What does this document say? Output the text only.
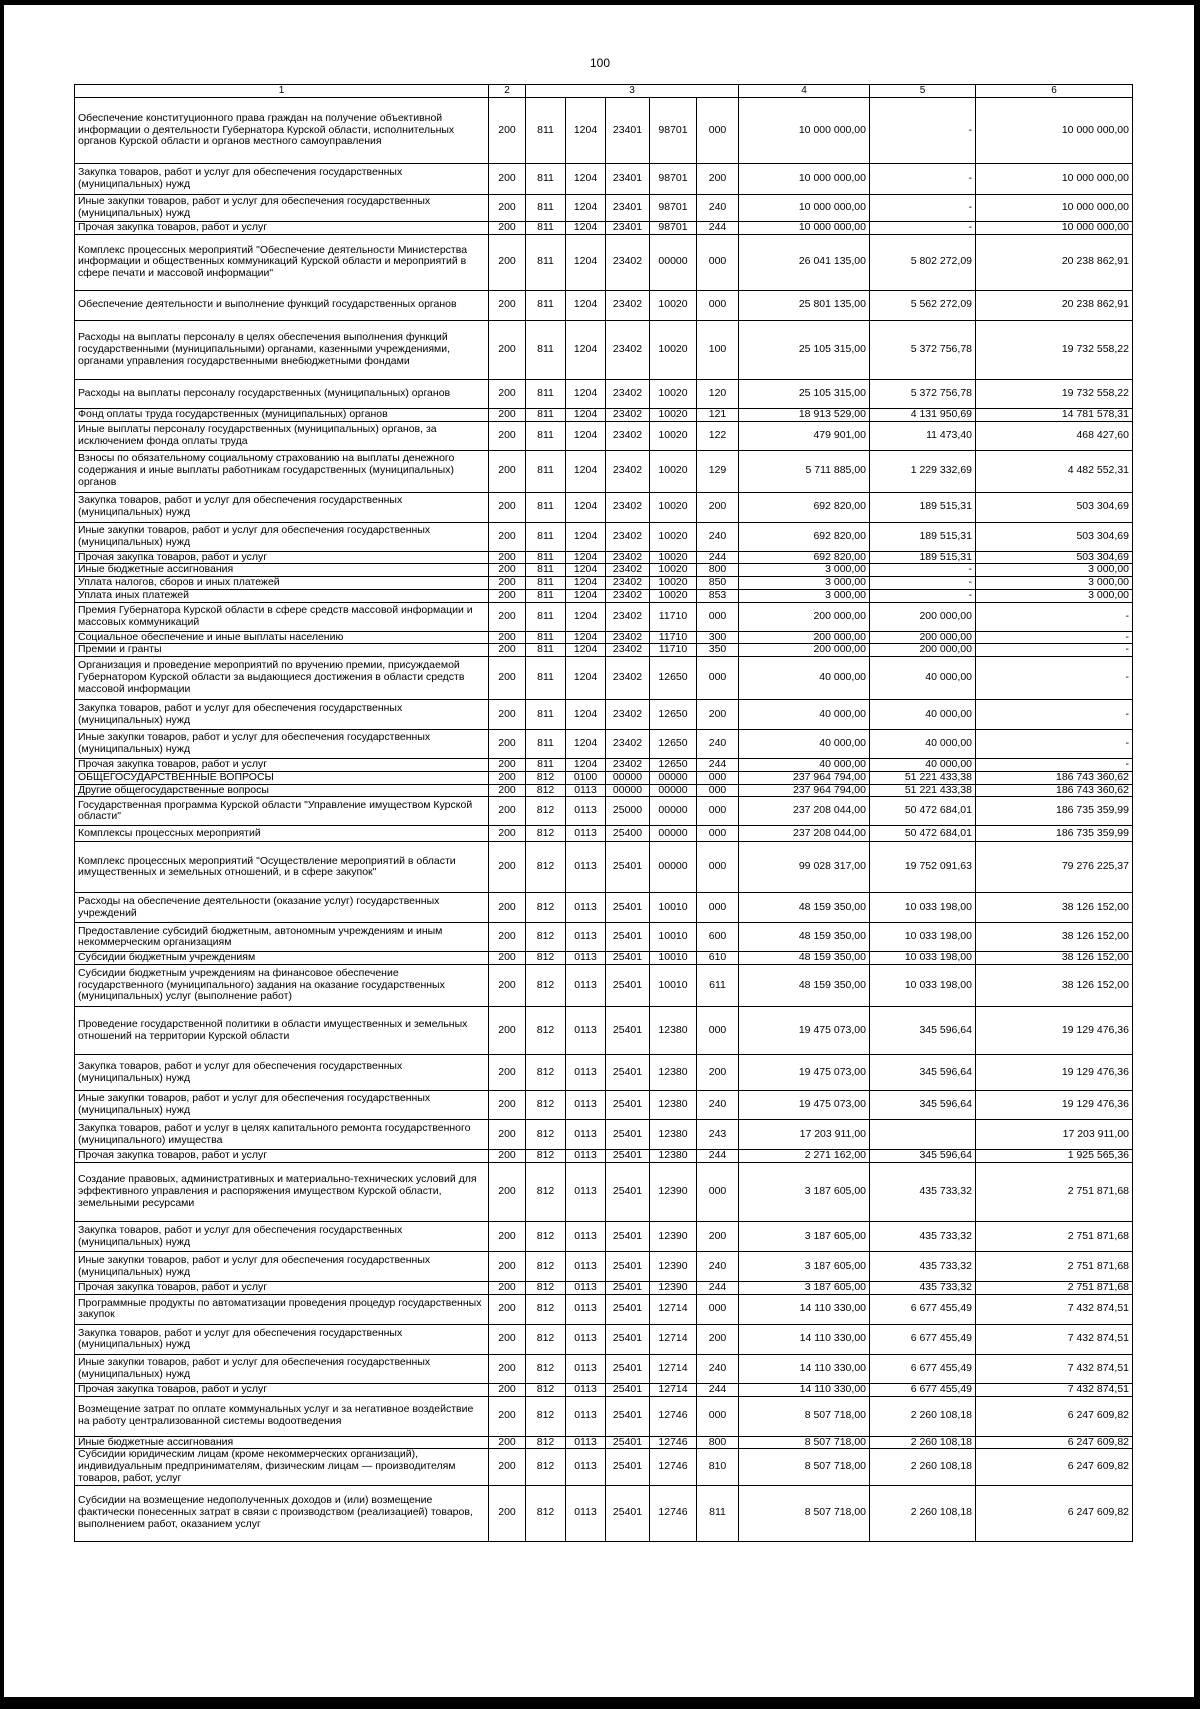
100
1	2	3					4	5	6
Обеспечение конституционного права граждан на получение объективной информации о деятельности Губернатора Курской области, исполнительных органов Курской области и органов местного самоуправления	200	811	1204	23401	98701	000	10 000 000,00	-	10 000 000,00
Закупка товаров, работ и услуг для обеспечения государственных (муниципальных) нужд	200	811	1204	23401	98701	200	10 000 000,00	-	10 000 000,00
Иные закупки товаров, работ и услуг для обеспечения государственных (муниципальных) нужд	200	811	1204	23401	98701	240	10 000 000,00	-	10 000 000,00
Прочая закупка товаров, работ и услуг	200	811	1204	23401	98701	244	10 000 000,00	-	10 000 000,00
Комплекс процессных мероприятий "Обеспечение деятельности Министерства информации и общественных коммуникаций Курской области и мероприятий в сфере печати и массовой информации"	200	811	1204	23402	00000	000	26 041 135,00	5 802 272,09	20 238 862,91
Обеспечение деятельности и выполнение функций государственных органов	200	811	1204	23402	10020	000	25 801 135,00	5 562 272,09	20 238 862,91
Расходы на выплаты персоналу в целях обеспечения выполнения функций государственными (муниципальными) органами, казенными учреждениями, органами управления государственными внебюджетными фондами	200	811	1204	23402	10020	100	25 105 315,00	5 372 756,78	19 732 558,22
Расходы на выплаты персоналу государственных (муниципальных) органов	200	811	1204	23402	10020	120	25 105 315,00	5 372 756,78	19 732 558,22
Фонд оплаты труда государственных (муниципальных) органов	200	811	1204	23402	10020	121	18 913 529,00	4 131 950,69	14 781 578,31
Иные выплаты персоналу государственных (муниципальных) органов, за исключением фонда оплаты труда	200	811	1204	23402	10020	122	479 901,00	11 473,40	468 427,60
Взносы по обязательному социальному страхованию на выплаты денежного содержания и иные выплаты работникам государственных (муниципальных) органов	200	811	1204	23402	10020	129	5 711 885,00	1 229 332,69	4 482 552,31
Закупка товаров, работ и услуг для обеспечения государственных (муниципальных) нужд	200	811	1204	23402	10020	200	692 820,00	189 515,31	503 304,69
Иные закупки товаров, работ и услуг для обеспечения государственных (муниципальных) нужд	200	811	1204	23402	10020	240	692 820,00	189 515,31	503 304,69
Прочая закупка товаров, работ и услуг	200	811	1204	23402	10020	244	692 820,00	189 515,31	503 304,69
Иные бюджетные ассигнования	200	811	1204	23402	10020	800	3 000,00	-	3 000,00
Уплата налогов, сборов и иных платежей	200	811	1204	23402	10020	850	3 000,00	-	3 000,00
Уплата иных платежей	200	811	1204	23402	10020	853	3 000,00	-	3 000,00
Премия Губернатора Курской области в сфере средств массовой информации и массовых коммуникаций	200	811	1204	23402	11710	000	200 000,00	200 000,00	-
Социальное обеспечение и иные выплаты населению	200	811	1204	23402	11710	300	200 000,00	200 000,00	-
Премии и гранты	200	811	1204	23402	11710	350	200 000,00	200 000,00	-
Организация и проведение мероприятий по вручению премии, присуждаемой Губернатором Курской области за выдающиеся достижения в области средств массовой информации	200	811	1204	23402	12650	000	40 000,00	40 000,00	-
Закупка товаров, работ и услуг для обеспечения государственных (муниципальных) нужд	200	811	1204	23402	12650	200	40 000,00	40 000,00	-
Иные закупки товаров, работ и услуг для обеспечения государственных (муниципальных) нужд	200	811	1204	23402	12650	240	40 000,00	40 000,00	-
Прочая закупка товаров, работ и услуг	200	811	1204	23402	12650	244	40 000,00	40 000,00	-
ОБЩЕГОСУДАРСТВЕННЫЕ ВОПРОСЫ	200	812	0100	00000	00000	000	237 964 794,00	51 221 433,38	186 743 360,62
Другие общегосударственные вопросы	200	812	0113	00000	00000	000	237 964 794,00	51 221 433,38	186 743 360,62
Государственная программа Курской области "Управление имуществом Курской области"	200	812	0113	25000	00000	000	237 208 044,00	50 472 684,01	186 735 359,99
Комплексы процессных мероприятий	200	812	0113	25400	00000	000	237 208 044,00	50 472 684,01	186 735 359,99
Комплекс процессных мероприятий "Осуществление мероприятий в области имущественных и земельных отношений, и в сфере закупок"	200	812	0113	25401	00000	000	99 028 317,00	19 752 091,63	79 276 225,37
Расходы на обеспечение деятельности (оказание услуг) государственных учреждений	200	812	0113	25401	10010	000	48 159 350,00	10 033 198,00	38 126 152,00
Предоставление субсидий бюджетным, автономным учреждениям и иным некоммерческим организациям	200	812	0113	25401	10010	600	48 159 350,00	10 033 198,00	38 126 152,00
Субсидии бюджетным учреждениям	200	812	0113	25401	10010	610	48 159 350,00	10 033 198,00	38 126 152,00
Субсидии бюджетным учреждениям на финансовое обеспечение государственного (муниципального) задания на оказание государственных (муниципальных) услуг (выполнение работ)	200	812	0113	25401	10010	611	48 159 350,00	10 033 198,00	38 126 152,00
Проведение государственной политики в области имущественных и земельных отношений на территории Курской области	200	812	0113	25401	12380	000	19 475 073,00	345 596,64	19 129 476,36
Закупка товаров, работ и услуг для обеспечения государственных (муниципальных) нужд	200	812	0113	25401	12380	200	19 475 073,00	345 596,64	19 129 476,36
Иные закупки товаров, работ и услуг для обеспечения государственных (муниципальных) нужд	200	812	0113	25401	12380	240	19 475 073,00	345 596,64	19 129 476,36
Закупка товаров, работ и услуг в целях капитального ремонта государственного (муниципального) имущества	200	812	0113	25401	12380	243	17 203 911,00		17 203 911,00
Прочая закупка товаров, работ и услуг	200	812	0113	25401	12380	244	2 271 162,00	345 596,64	1 925 565,36
Создание правовых, административных и материально-технических условий для эффективного управления и распоряжения имуществом Курской области, земельными ресурсами	200	812	0113	25401	12390	000	3 187 605,00	435 733,32	2 751 871,68
Закупка товаров, работ и услуг для обеспечения государственных (муниципальных) нужд	200	812	0113	25401	12390	200	3 187 605,00	435 733,32	2 751 871,68
Иные закупки товаров, работ и услуг для обеспечения государственных (муниципальных) нужд	200	812	0113	25401	12390	240	3 187 605,00	435 733,32	2 751 871,68
Прочая закупка товаров, работ и услуг	200	812	0113	25401	12390	244	3 187 605,00	435 733,32	2 751 871,68
Программные продукты по автоматизации проведения процедур государственных закупок	200	812	0113	25401	12714	000	14 110 330,00	6 677 455,49	7 432 874,51
Закупка товаров, работ и услуг для обеспечения государственных (муниципальных) нужд	200	812	0113	25401	12714	200	14 110 330,00	6 677 455,49	7 432 874,51
Иные закупки товаров, работ и услуг для обеспечения государственных (муниципальных) нужд	200	812	0113	25401	12714	240	14 110 330,00	6 677 455,49	7 432 874,51
Прочая закупка товаров, работ и услуг	200	812	0113	25401	12714	244	14 110 330,00	6 677 455,49	7 432 874,51
Возмещение затрат по оплате коммунальных услуг и за негативное воздействие на работу централизованной системы водоотведения	200	812	0113	25401	12746	000	8 507 718,00	2 260 108,18	6 247 609,82
Иные бюджетные ассигнования	200	812	0113	25401	12746	800	8 507 718,00	2 260 108,18	6 247 609,82
Субсидии юридическим лицам (кроме некоммерческих организаций), индивидуальным предпринимателям, физическим лицам — производителям товаров, работ, услуг	200	812	0113	25401	12746	810	8 507 718,00	2 260 108,18	6 247 609,82
Субсидии на возмещение недополученных доходов и (или) возмещение фактически понесенных затрат в связи с производством (реализацией) товаров, выполнением работ, оказанием услуг	200	812	0113	25401	12746	811	8 507 718,00	2 260 108,18	6 247 609,82
